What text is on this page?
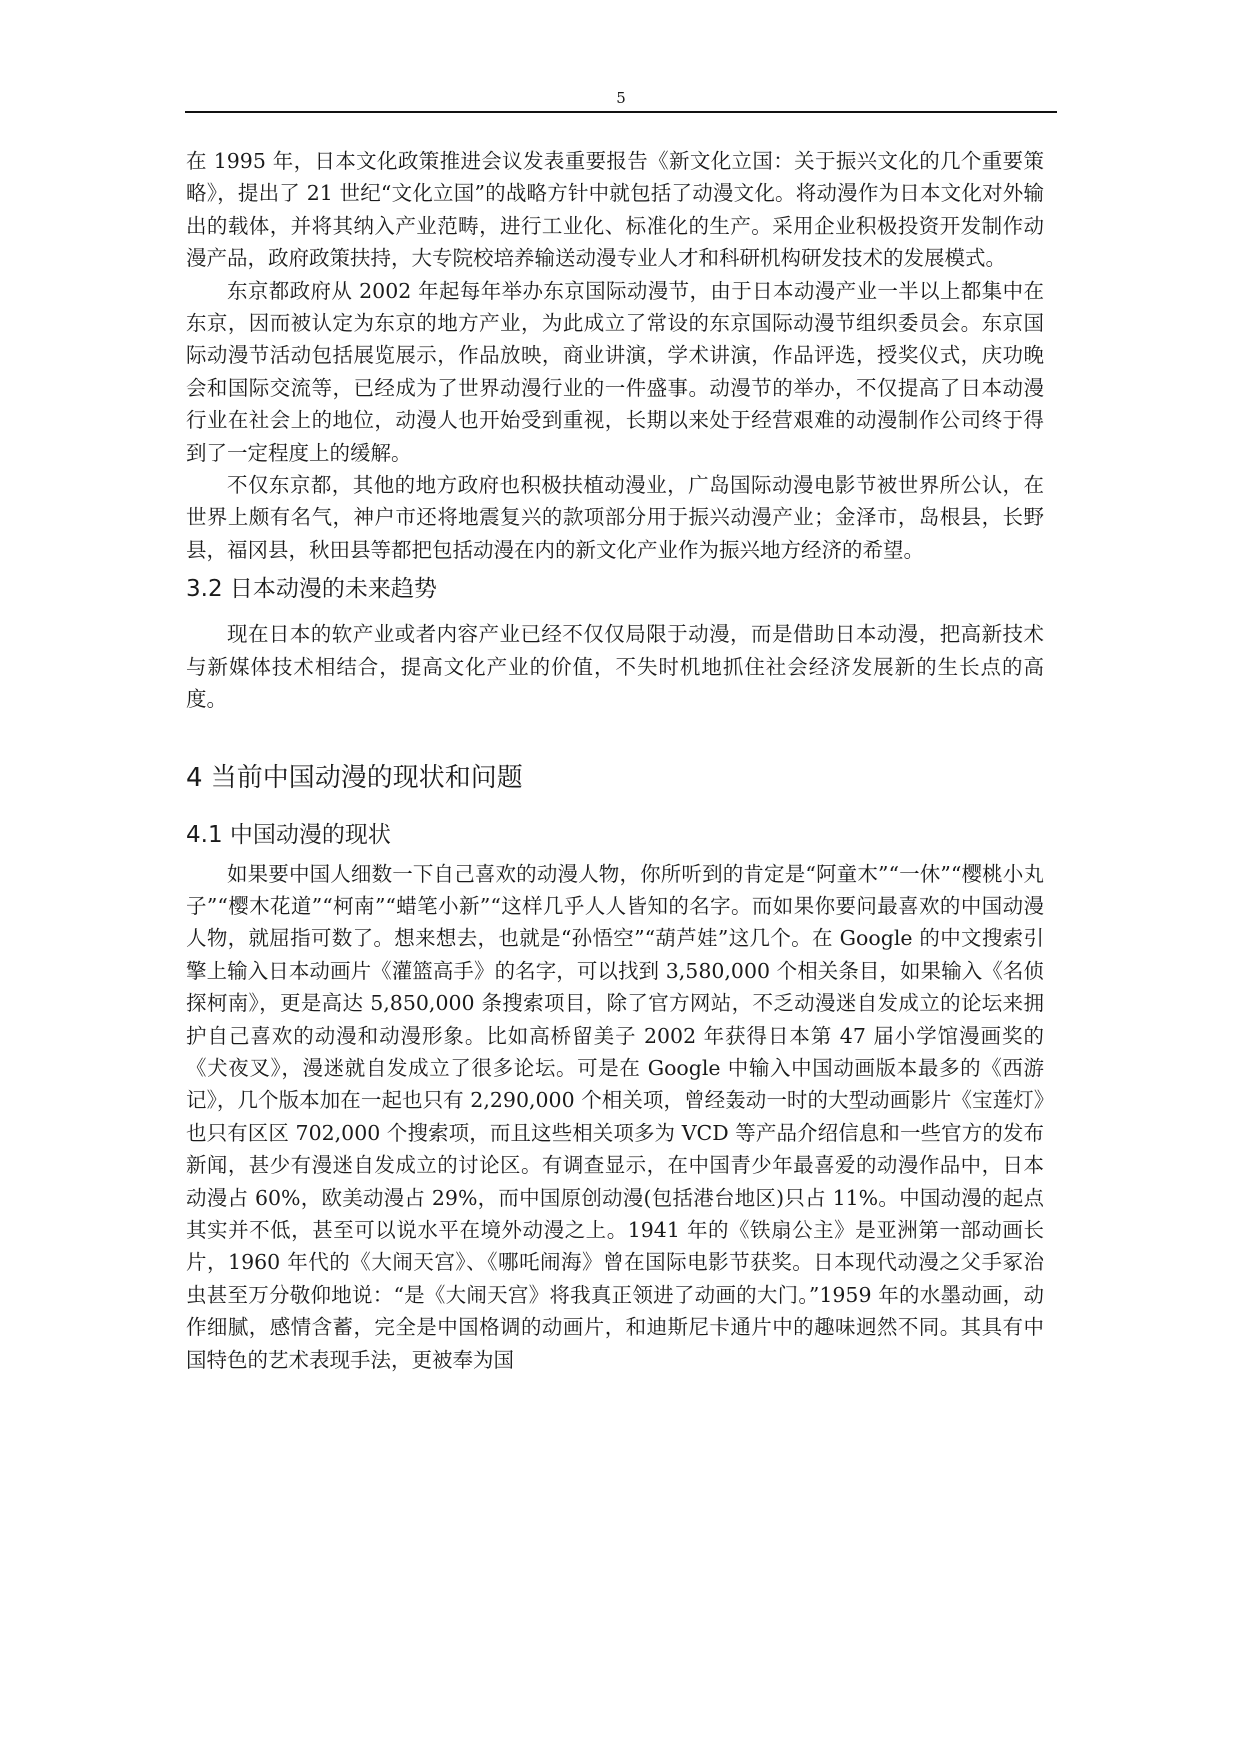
5

在 1995 年，日本文化政策推进会议发表重要报告《新文化立国：关于振兴文化的几个重要策略》，提出了 21 世纪“文化立国”的战略方针中就包括了动漫文化。将动漫作为日本文化对外输出的载体，并将其纳入产业范畴，进行工业化、标准化的生产。采用企业积极投资开发制作动漫产品，政府政策扶持，大专院校培养输送动漫专业人才和科研机构研发技术的发展模式。

东京都政府从 2002 年起每年举办东京国际动漫节，由于日本动漫产业一半以上都集中在东京，因而被认定为东京的地方产业，为此成立了常设的东京国际动漫节组织委员会。东京国际动漫节活动包括展览展示，作品放映，商业讲演，学术讲演，作品评选，授奖仪式，庆功晚会和国际交流等，已经成为了世界动漫行业的一件盛事。动漫节的举办，不仅提高了日本动漫行业在社会上的地位，动漫人也开始受到重视，长期以来处于经营艰难的动漫制作公司终于得到了一定程度上的缓解。

不仅东京都，其他的地方政府也积极扶植动漫业，广岛国际动漫电影节被世界所公认，在世界上颇有名气，神户市还将地震复兴的款项部分用于振兴动漫产业；金泽市，岛根县，长野县，福冈县，秋田县等都把包括动漫在内的新文化产业作为振兴地方经济的希望。

3.2 日本动漫的未来趋势

现在日本的软产业或者内容产业已经不仅仅局限于动漫，而是借助日本动漫，把高新技术与新媒体技术相结合，提高文化产业的价值，不失时机地抓住社会经济发展新的生长点的高度。

4 当前中国动漫的现状和问题
4.1 中国动漫的现状

如果要中国人细数一下自己喜欢的动漫人物，你所听到的肯定是“阿童木”“一休”“樱桃小丸子”“樱木花道”“柯南”“蜡笔小新”“这样几乎人人皆知的名字。而如果你要问最喜欢的中国动漫人物，就屈指可数了。想来想去，也就是“孙悟空”“葫芦娃”这几个。在 Google 的中文搜索引擎上输入日本动画片《灌篮高手》的名字，可以找到 3,580,000 个相关条目，如果输入《名侦探柯南》，更是高达 5,850,000 条搜索项目，除了官方网站，不乏动漫迷自发成立的论坛来拥护自己喜欢的动漫和动漫形象。比如高桥留美子 2002 年获得日本第 47 届小学馆漫画奖的《犬夜叉》，漫迷就自发成立了很多论坛。可是在 Google 中输入中国动画版本最多的《西游记》，几个版本加在一起也只有 2,290,000 个相关项，曾经轰动一时的大型动画影片《宝莲灯》也只有区区 702,000 个搜索项，而且这些相关项多为 VCD 等产品介绍信息和一些官方的发布新闻，甚少有漫迷自发成立的讨论区。有调查显示，在中国青少年最喜爱的动漫作品中，日本动漫占 60%，欧美动漫占 29%，而中国原创动漫(包括港台地区)只占 11%。中国动漫的起点其实并不低，甚至可以说水平在境外动漫之上。1941 年的《铁扇公主》是亚洲第一部动画长片，1960 年代的《大闹天宫》、《哪吒闹海》曾在国际电影节获奖。日本现代动漫之父手冢治虫甚至万分敬仰地说：“是《大闹天宫》将我真正领进了动画的大门。”1959 年的水墨动画，动作细腻，感情含蓄，完全是中国格调的动画片，和迪斯尼卡通片中的趣味迥然不同。其具有中国特色的艺术表现手法，更被奉为国
